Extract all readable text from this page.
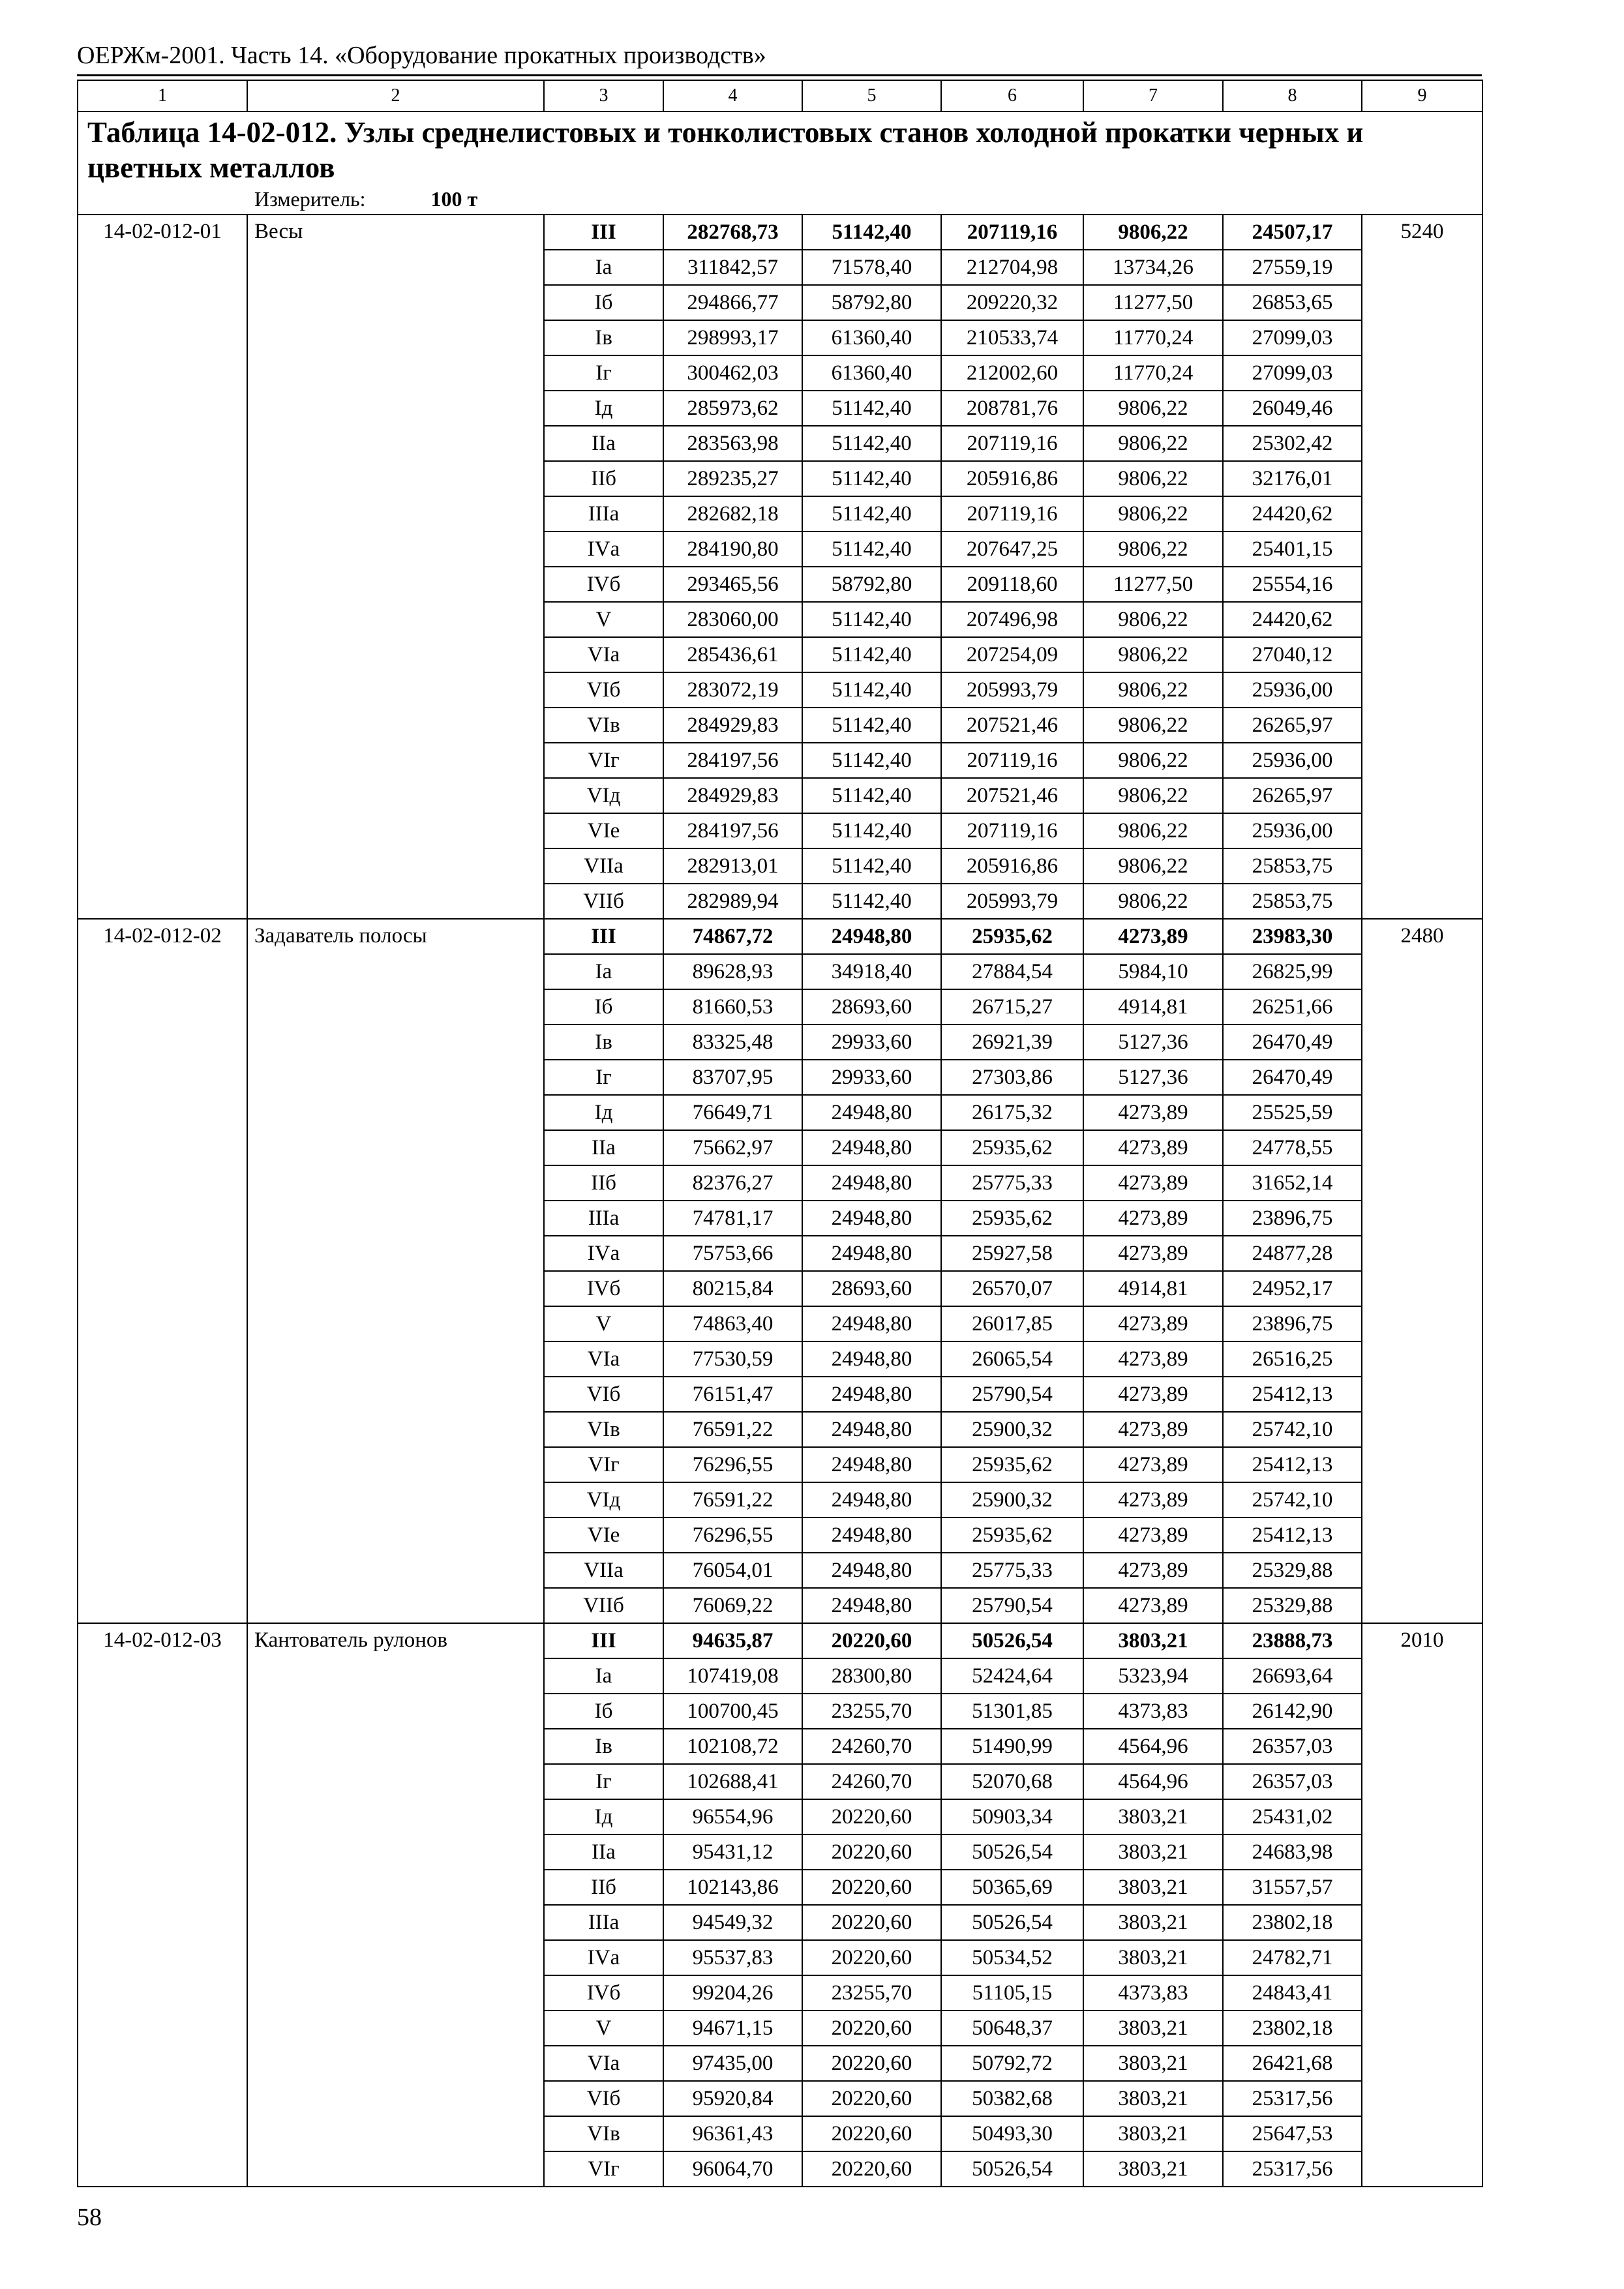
ОЕРЖм-2001. Часть 14. «Оборудование прокатных производств»
1	2	3	4	5	6	7	8	9

Таблица 14-02-012. Узлы среднелистовых и тонколистовых станов холодной прокатки черных и цветных металлов
Измеритель: 100 т								

14-02-012-01	Весы	III	282768,73	51142,40	207119,16	9806,22	24507,17	5240
		Iа	311842,57	71578,40	212704,98	13734,26	27559,19	
		Iб	294866,77	58792,80	209220,32	11277,50	26853,65	
		Iв	298993,17	61360,40	210533,74	11770,24	27099,03	
		Iг	300462,03	61360,40	212002,60	11770,24	27099,03	
		Iд	285973,62	51142,40	208781,76	9806,22	26049,46	
		IIа	283563,98	51142,40	207119,16	9806,22	25302,42	
		IIб	289235,27	51142,40	205916,86	9806,22	32176,01	
		IIIа	282682,18	51142,40	207119,16	9806,22	24420,62	
		IVа	284190,80	51142,40	207647,25	9806,22	25401,15	
		IVб	293465,56	58792,80	209118,60	11277,50	25554,16	
		V	283060,00	51142,40	207496,98	9806,22	24420,62	
		VIа	285436,61	51142,40	207254,09	9806,22	27040,12	
		VIб	283072,19	51142,40	205993,79	9806,22	25936,00	
		VIв	284929,83	51142,40	207521,46	9806,22	26265,97	
		VIг	284197,56	51142,40	207119,16	9806,22	25936,00	
		VIд	284929,83	51142,40	207521,46	9806,22	26265,97	
		VIе	284197,56	51142,40	207119,16	9806,22	25936,00	
		VIIа	282913,01	51142,40	205916,86	9806,22	25853,75	
		VIIб	282989,94	51142,40	205993,79	9806,22	25853,75	
14-02-012-02	Задаватель полосы	III	74867,72	24948,80	25935,62	4273,89	23983,30	2480
		Iа	89628,93	34918,40	27884,54	5984,10	26825,99	
		Iб	81660,53	28693,60	26715,27	4914,81	26251,66	
		Iв	83325,48	29933,60	26921,39	5127,36	26470,49	
		Iг	83707,95	29933,60	27303,86	5127,36	26470,49	
		Iд	76649,71	24948,80	26175,32	4273,89	25525,59	
		IIа	75662,97	24948,80	25935,62	4273,89	24778,55	
		IIб	82376,27	24948,80	25775,33	4273,89	31652,14	
		IIIа	74781,17	24948,80	25935,62	4273,89	23896,75	
		IVа	75753,66	24948,80	25927,58	4273,89	24877,28	
		IVб	80215,84	28693,60	26570,07	4914,81	24952,17	
		V	74863,40	24948,80	26017,85	4273,89	23896,75	
		VIа	77530,59	24948,80	26065,54	4273,89	26516,25	
		VIб	76151,47	24948,80	25790,54	4273,89	25412,13	
		VIв	76591,22	24948,80	25900,32	4273,89	25742,10	
		VIг	76296,55	24948,80	25935,62	4273,89	25412,13	
		VIд	76591,22	24948,80	25900,32	4273,89	25742,10	
		VIе	76296,55	24948,80	25935,62	4273,89	25412,13	
		VIIа	76054,01	24948,80	25775,33	4273,89	25329,88	
		VIIб	76069,22	24948,80	25790,54	4273,89	25329,88	
14-02-012-03	Кантователь рулонов	III	94635,87	20220,60	50526,54	3803,21	23888,73	2010
		Iа	107419,08	28300,80	52424,64	5323,94	26693,64	
		Iб	100700,45	23255,70	51301,85	4373,83	26142,90	
		Iв	102108,72	24260,70	51490,99	4564,96	26357,03	
		Iг	102688,41	24260,70	52070,68	4564,96	26357,03	
		Iд	96554,96	20220,60	50903,34	3803,21	25431,02	
		IIа	95431,12	20220,60	50526,54	3803,21	24683,98	
		IIб	102143,86	20220,60	50365,69	3803,21	31557,57	
		IIIа	94549,32	20220,60	50526,54	3803,21	23802,18	
		IVа	95537,83	20220,60	50534,52	3803,21	24782,71	
		IVб	99204,26	23255,70	51105,15	4373,83	24843,41	
		V	94671,15	20220,60	50648,37	3803,21	23802,18	
		VIа	97435,00	20220,60	50792,72	3803,21	26421,68	
		VIб	95920,84	20220,60	50382,68	3803,21	25317,56	
		VIв	96361,43	20220,60	50493,30	3803,21	25647,53	
		VIг	96064,70	20220,60	50526,54	3803,21	25317,56	
58
